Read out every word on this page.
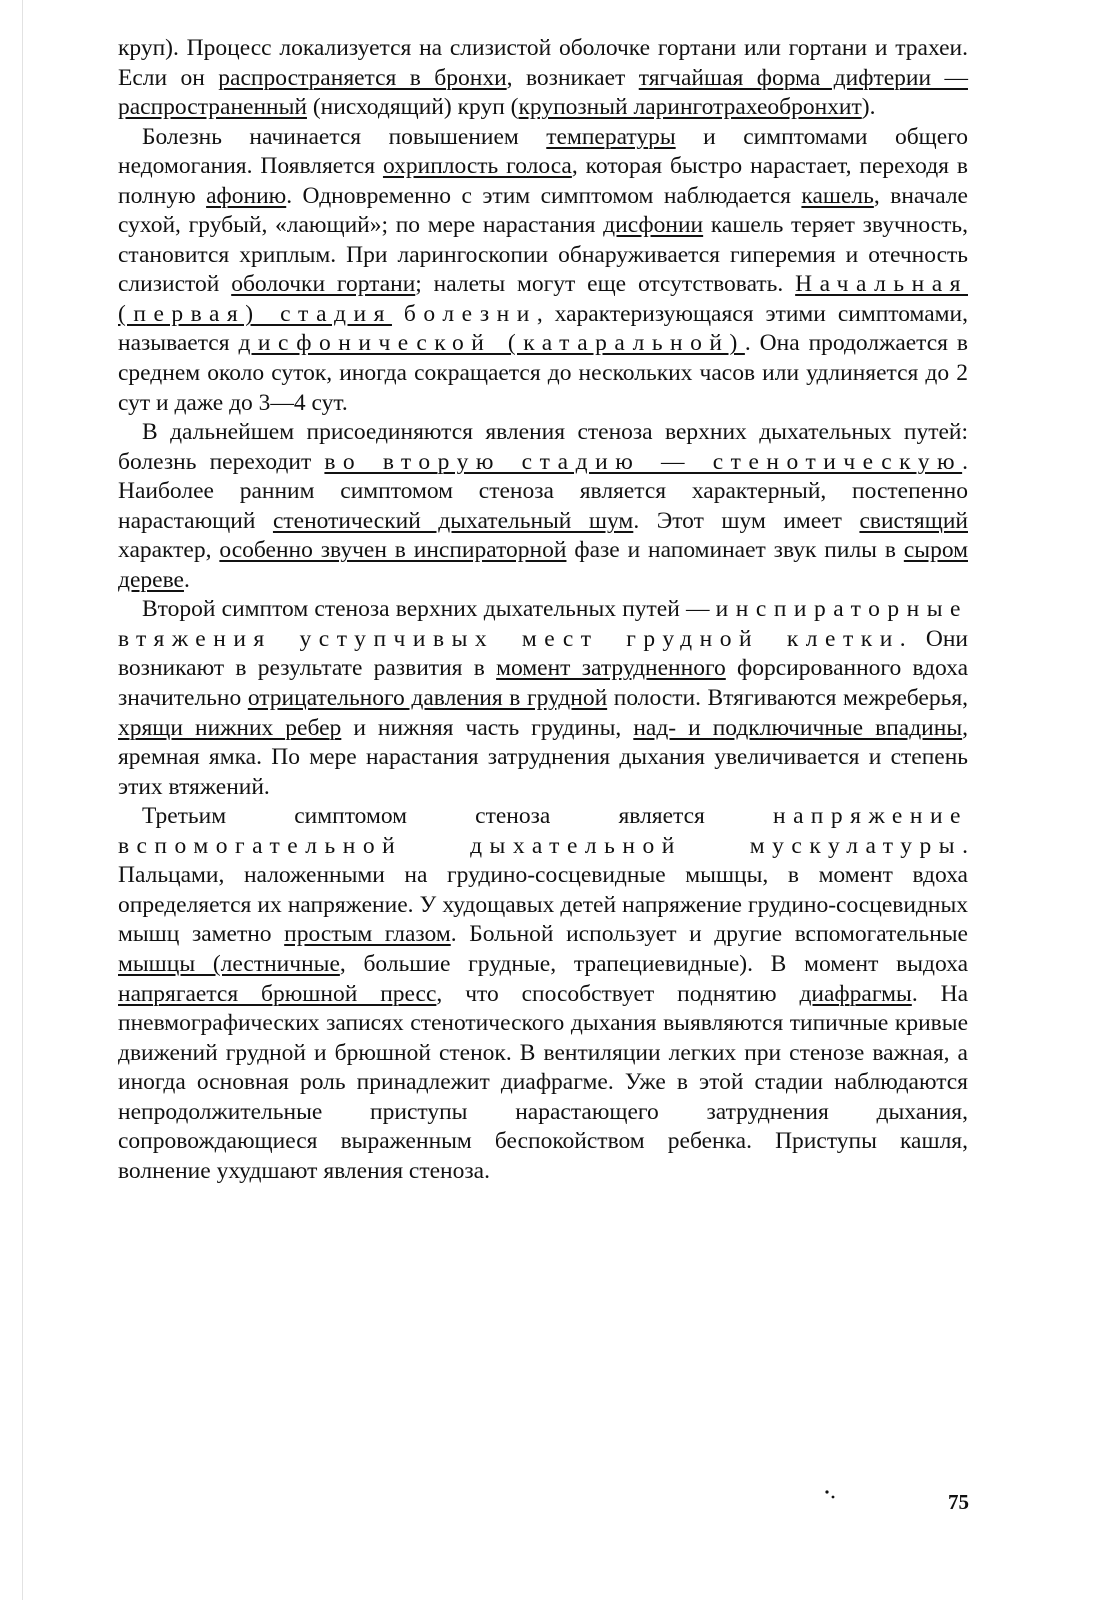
круп). Процесс локализуется на слизистой оболочке гортани или гортани и трахеи. Если он распространяется в бронхи, возникает тягчайшая форма дифтерии — распространенный (нисходящий) круп (крупозный ларинготрахеобронхит).

Болезнь начинается повышением температуры и симптомами общего недомогания. Появляется охриплость голоса, которая быстро нарастает, переходя в полную афонию. Одновременно с этим симптомом наблюдается кашель, вначале сухой, грубый, «лающий»; по мере нарастания дисфонии кашель теряет звучность, становится хриплым. При ларингоскопии обнаруживается гиперемия и отечность слизистой оболочки гортани; налеты могут еще отсутствовать. Начальная (первая) стадия болезни, характеризующаяся этими симптомами, называется дисфонической (катаральной). Она продолжается в среднем около суток, иногда сокращается до нескольких часов или удлиняется до 2 сут и даже до 3—4 сут.

В дальнейшем присоединяются явления стеноза верхних дыхательных путей: болезнь переходит во вторую стадию — стенотическую. Наиболее ранним симптомом стеноза является характерный, постепенно нарастающий стенотический дыхательный шум. Этот шум имеет свистящий характер, особенно звучен в инспираторной фазе и напоминает звук пилы в сыром дереве.

Второй симптом стеноза верхних дыхательных путей — инспираторные втяжения уступчивых мест грудной клетки. Они возникают в результате развития в момент затрудненного форсированного вдоха значительно отрицательного давления в грудной полости. Втягиваются межреберья, хрящи нижних ребер и нижняя часть грудины, над- и подключичные впадины, яремная ямка. По мере нарастания затруднения дыхания увеличивается и степень этих втяжений.

Третьим симптомом стеноза является напряжение вспомогательной дыхательной мускулатуры. Пальцами, наложенными на грудино-сосцевидные мышцы, в момент вдоха определяется их напряжение. У худощавых детей напряжение грудино-сосцевидных мышц заметно простым глазом. Больной использует и другие вспомогательные мышцы (лестничные, большие грудные, трапециевидные). В момент выдоха напрягается брюшной пресс, что способствует поднятию диафрагмы. На пневмографических записях стенотического дыхания выявляются типичные кривые движений грудной и брюшной стенок. В вентиляции легких при стенозе важная, а иногда основная роль принадлежит диафрагме. Уже в этой стадии наблюдаются непродолжительные приступы нарастающего затруднения дыхания, сопровождающиеся выраженным беспокойством ребенка. Приступы кашля, волнение ухудшают явления стеноза.

75
